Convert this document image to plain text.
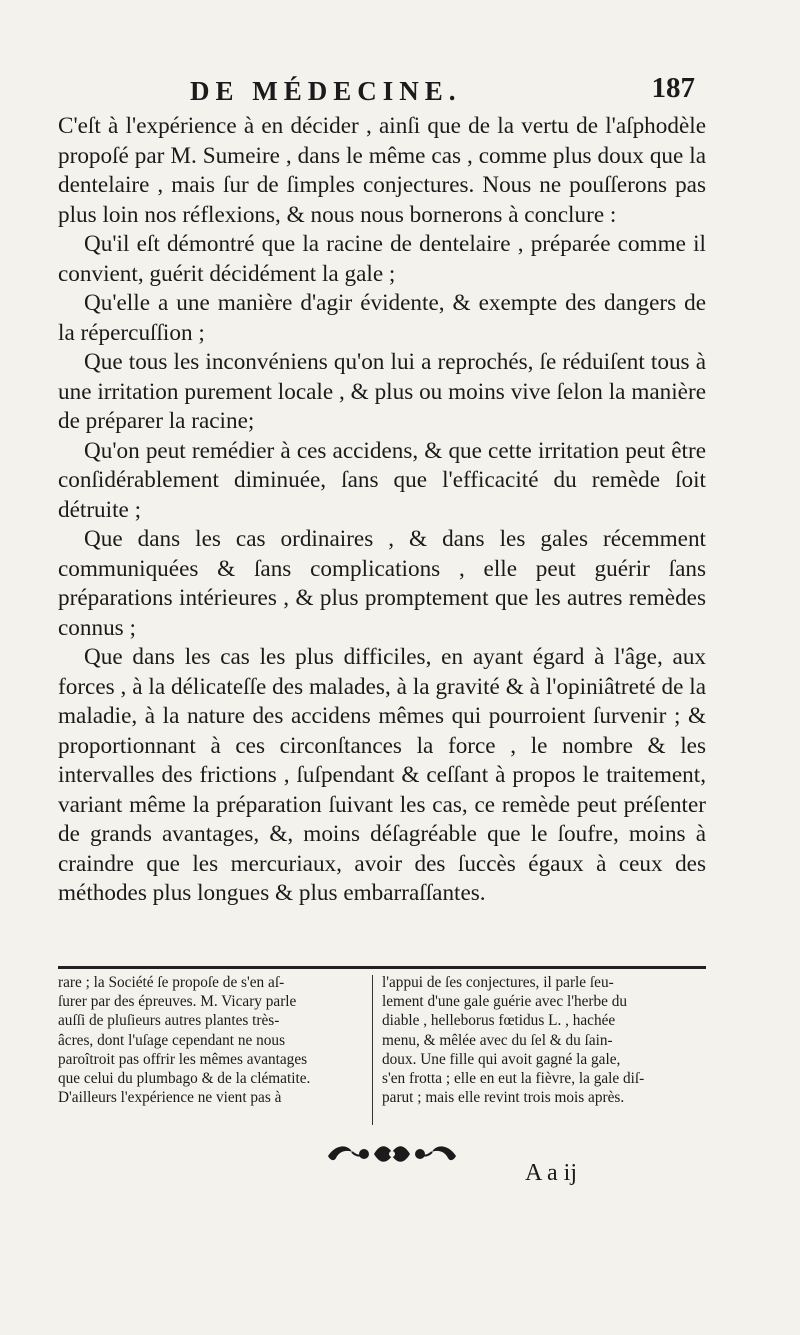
DE MÉDECINE.	187

C'eſt à l'expérience à en décider , ainſi que de la vertu de l'aſphodèle propoſé par M. Sumeire , dans le même cas , comme plus doux que la dentelaire , mais ſur de ſimples conjectures. Nous ne pouſſerons pas plus loin nos réflexions, & nous nous bornerons à conclure :

Qu'il eſt démontré que la racine de dentelaire , préparée comme il convient, guérit décidément la gale ;

Qu'elle a une manière d'agir évidente, & exempte des dangers de la répercuſſion ;

Que tous les inconvéniens qu'on lui a reprochés, ſe réduiſent tous à une irritation purement locale , & plus ou moins vive ſelon la manière de préparer la racine;

Qu'on peut remédier à ces accidens, & que cette irritation peut être conſidérablement diminuée, ſans que l'efficacité du remède ſoit détruite ;

Que dans les cas ordinaires , & dans les gales récemment communiquées & ſans complications , elle peut guérir ſans préparations intérieures , & plus promptement que les autres remèdes connus ;

Que dans les cas les plus difficiles, en ayant égard à l'âge, aux forces , à la délicateſſe des malades, à la gravité & à l'opiniâtreté de la maladie, à la nature des accidens mêmes qui pourroient ſurvenir ; & proportionnant à ces circonſtances la force , le nombre & les intervalles des frictions , ſuſpendant & ceſſant à propos le traitement, variant même la préparation ſuivant les cas, ce remède peut préſenter de grands avantages, &, moins déſagréable que le ſoufre, moins à craindre que les mercuriaux, avoir des ſuccès égaux à ceux des méthodes plus longues & plus embarraſſantes.

rare ; la Société ſe propoſe de s'en aſ-
ſurer par des épreuves. M. Vicary parle
auſſi de pluſieurs autres plantes très-
âcres, dont l'uſage cependant ne nous
paroîtroit pas offrir les mêmes avantages
que celui du plumbago & de la clématite.
D'ailleurs l'expérience ne vient pas à
l'appui de ſes conjectures, il parle ſeu-
lement d'une gale guérie avec l'herbe du
diable , helleborus fœtidus L. , hachée
menu, & mêlée avec du ſel & du ſain-
doux. Une fille qui avoit gagné la gale,
s'en frotta ; elle en eut la fièvre, la gale diſ-
parut ; mais elle revint trois mois après.
A a ij
